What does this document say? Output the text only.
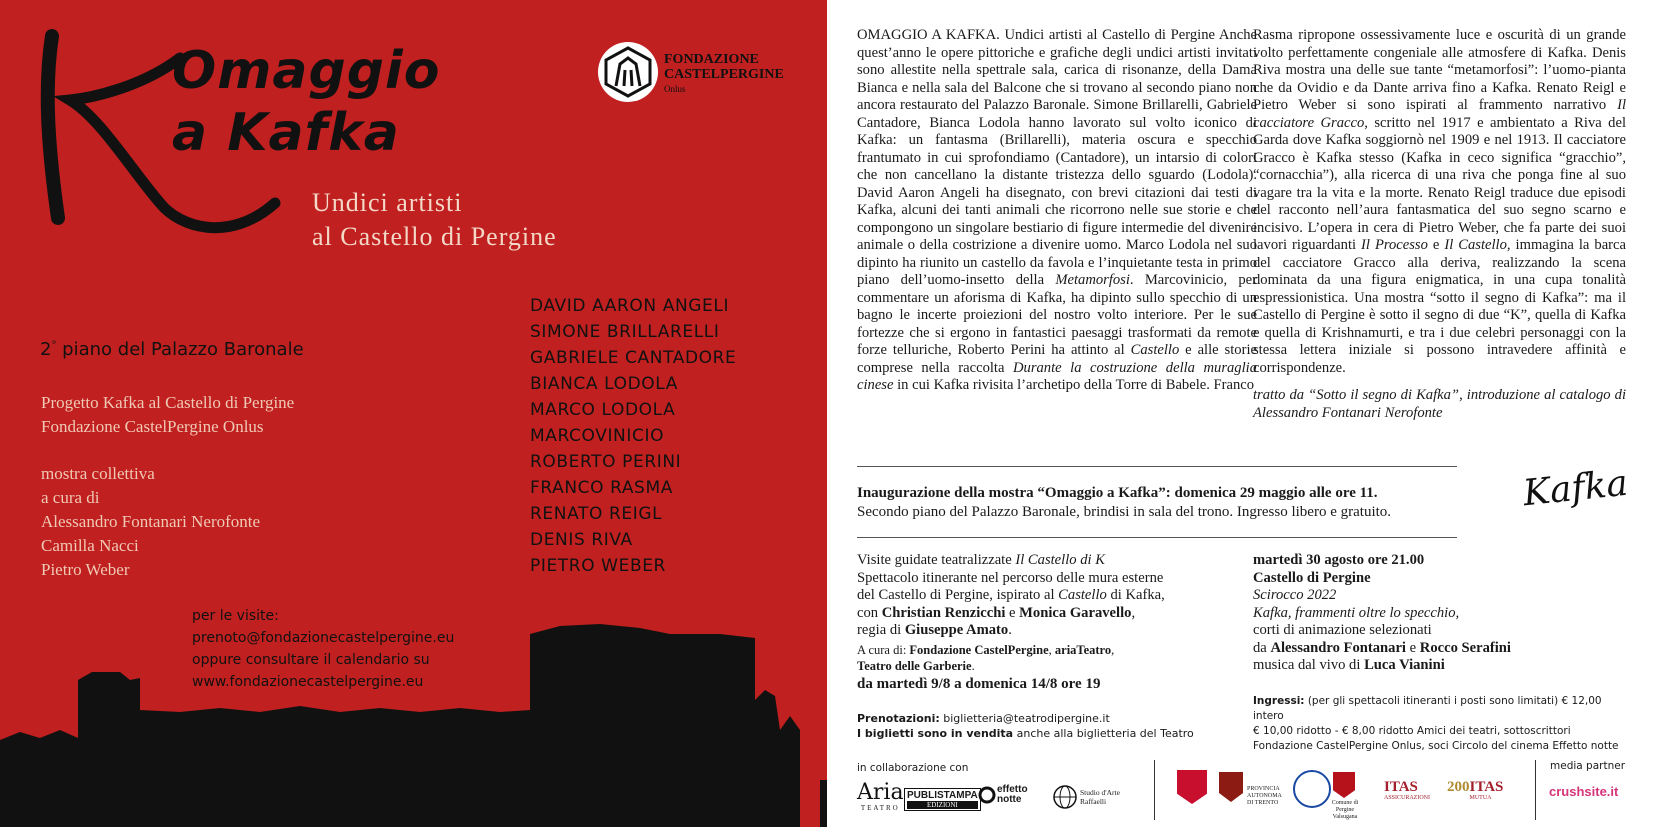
Omaggio
a Kafka
Undici artisti
al Castello di Pergine
FONDAZIONE
CASTELPERGINE
Onlus
2° piano del Palazzo Baronale
Progetto Kafka al Castello di Pergine
Fondazione CastelPergine Onlus
mostra collettiva
a cura di
Alessandro Fontanari Nerofonte
Camilla Nacci
Pietro Weber
DAVID AARON ANGELI
SIMONE BRILLARELLI
GABRIELE CANTADORE
BIANCA LODOLA
MARCO LODOLA
MARCOVINICIO
ROBERTO PERINI
FRANCO RASMA
RENATO REIGL
DENIS RIVA
PIETRO WEBER
per le visite:
prenoto@fondazionecastelpergine.eu
oppure consultare il calendario su
www.fondazionecastelpergine.eu
OMAGGIO A KAFKA. Undici artisti al Castello di Pergine Anche quest’anno le opere pittoriche e grafiche degli undici artisti invitati sono allestite nella spettrale sala, carica di risonanze, della Dama Bianca e nella sala del Balcone che si trovano al secondo piano non ancora restaurato del Palazzo Baronale. Simone Brillarelli, Gabriele Cantadore, Bianca Lodola hanno lavorato sul volto iconico di Kafka: un fantasma (Brillarelli), materia oscura e specchio frantumato in cui sprofondiamo (Cantadore), un intarsio di colori che non cancellano la distante tristezza dello sguardo (Lodola). David Aaron Angeli ha disegnato, con brevi citazioni dai testi di Kafka, alcuni dei tanti animali che ricorrono nelle sue storie e che compongono un singolare bestiario di figure intermedie del divenire animale o della costrizione a divenire uomo. Marco Lodola nel suo dipinto ha riunito un castello da favola e l’inquietante testa in primo piano dell’uomo-insetto della Metamorfosi. Marcovinicio, per commentare un aforisma di Kafka, ha dipinto sullo specchio di un bagno le incerte proiezioni del nostro volto interiore. Per le sue fortezze che si ergono in fantastici paesaggi trasformati da remote forze telluriche, Roberto Perini ha attinto al Castello e alle storie comprese nella raccolta Durante la costruzione della muraglia cinese in cui Kafka rivisita l’archetipo della Torre di Babele. Franco
Rasma ripropone ossessivamente luce e oscurità di un grande volto perfettamente congeniale alle atmosfere di Kafka. Denis Riva mostra una delle sue tante “metamorfosi”: l’uomo-pianta che da Ovidio e da Dante arriva fino a Kafka. Renato Reigl e Pietro Weber si sono ispirati al frammento narrativo Il cacciatore Gracco, scritto nel 1917 e ambientato a Riva del Garda dove Kafka soggiornò nel 1909 e nel 1913. Il cacciatore Gracco è Kafka stesso (Kafka in ceco significa “gracchio”, “cornacchia”), alla ricerca di una riva che ponga fine al suo vagare tra la vita e la morte. Renato Reigl traduce due episodi del racconto nell’aura fantasmatica del suo segno scarno e incisivo. L’opera in cera di Pietro Weber, che fa parte dei suoi lavori riguardanti Il Processo e Il Castello, immagina la barca del cacciatore Gracco alla deriva, realizzando la scena dominata da una figura enigmatica, in una cupa tonalità espressionistica. Una mostra “sotto il segno di Kafka”: ma il Castello di Pergine è sotto il segno di due “K”, quella di Kafka e quella di Krishnamurti, e tra i due celebri personaggi con la stessa lettera iniziale si possono intravedere affinità e corrispondenze.
tratto da “Sotto il segno di Kafka”, introduzione al catalogo di Alessandro Fontanari Nerofonte
Inaugurazione della mostra “Omaggio a Kafka”: domenica 29 maggio alle ore 11.
Secondo piano del Palazzo Baronale, brindisi in sala del trono. Ingresso libero e gratuito.	Kafka
Visite guidate teatralizzate Il Castello di K
Spettacolo itinerante nel percorso delle mura esterne
del Castello di Pergine, ispirato al Castello di Kafka,
con Christian Renzicchi e Monica Garavello,
regia di Giuseppe Amato.
A cura di: Fondazione CastelPergine, ariaTeatro,
Teatro delle Garberie.
da martedì 9/8 a domenica 14/8 ore 19
Prenotazioni: biglietteria@teatrodipergine.it
I biglietti sono in vendita anche alla biglietteria del Teatro
martedì 30 agosto ore 21.00
Castello di Pergine
Scirocco 2022
Kafka, frammenti oltre lo specchio,
corti di animazione selezionati
da Alessandro Fontanari e Rocco Serafini
musica dal vivo di Luca Vianini
Ingressi: (per gli spettacoli itineranti i posti sono limitati) € 12,00 intero
€ 10,00 ridotto - € 8,00 ridotto Amici dei teatri, sottoscrittori
Fondazione CastelPergine Onlus, soci Circolo del cinema Effetto notte
in collaborazione con	media partner
Aria
TEATRO
PUBLISTAMPA
EDIZIONI
effetto notte
Studio d'Arte Raffaelli
PROVINCIA AUTONOMA DI TRENTO	Comune di Pergine Valsugana
ITAS
ASSICURAZIONI
200 ITAS
MUTUA	crushsite.it
